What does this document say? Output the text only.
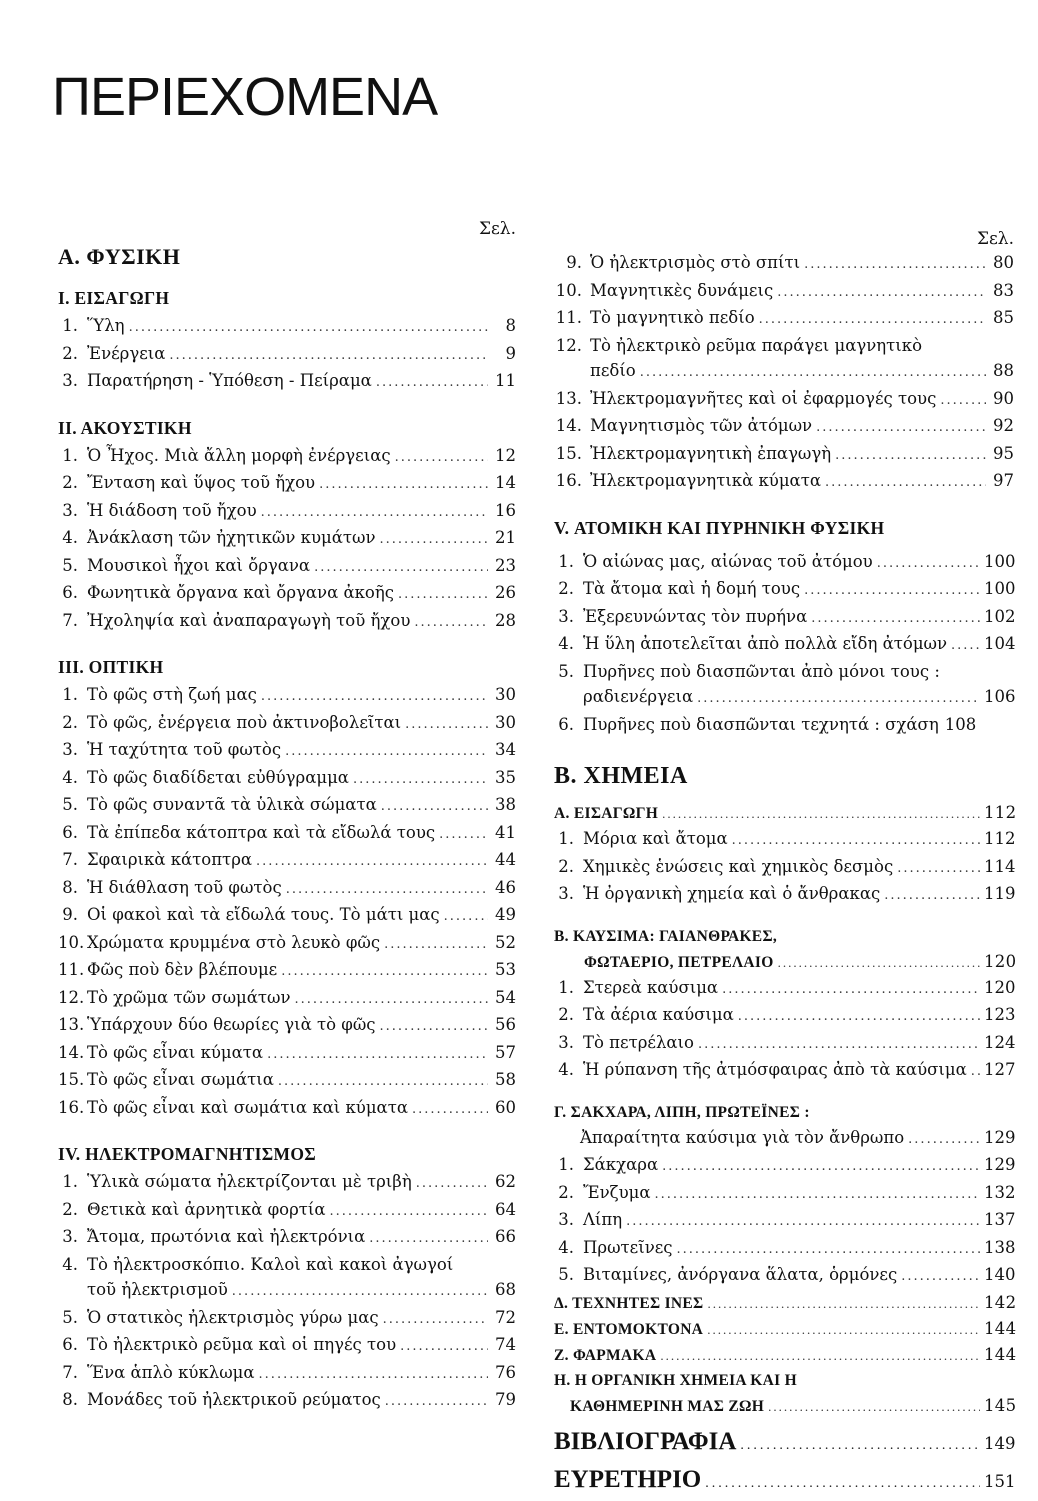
ΠΕΡΙΕΧΟΜΕΝΑ
Σελ.
Α. ΦΥΣΙΚΗ
Ι. ΕΙΣΑΓΩΓΗ
1. Ὕλη .....	8
2. Ἐνέργεια .....	9
3. Παρατήρηση - Ὑπόθεση - Πείραμα .....	11
ΙΙ. ΑΚΟΥΣΤΙΚΗ
1. Ὁ Ἦχος. Μιὰ ἄλλη μορφὴ ἐνέργειας .....	12
2. Ἔνταση καὶ ὕψος τοῦ ἤχου .....	14
3. Ἡ διάδοση τοῦ ἤχου .....	16
4. Ἀνάκλαση τῶν ἠχητικῶν κυμάτων .....	21
5. Μουσικοὶ ἦχοι καὶ ὄργανα .....	23
6. Φωνητικὰ ὄργανα καὶ ὄργανα ἀκοῆς .....	26
7. Ἠχοληψία καὶ ἀναπαραγωγὴ τοῦ ἤχου .....	28
ΙΙΙ. ΟΠΤΙΚΗ
1. Τὸ φῶς στὴ ζωή μας .....	30
2. Τὸ φῶς, ἐνέργεια ποὺ ἀκτινοβολεῖται .....	30
3. Ἡ ταχύτητα τοῦ φωτὸς .....	34
4. Τὸ φῶς διαδίδεται εὐθύγραμμα .....	35
5. Τὸ φῶς συναντᾶ τὰ ὑλικὰ σώματα .....	38
6. Τὰ ἐπίπεδα κάτοπτρα καὶ τὰ εἴδωλά τους .....	41
7. Σφαιρικὰ κάτοπτρα .....	44
8. Ἡ διάθλαση τοῦ φωτὸς .....	46
9. Οἱ φακοὶ καὶ τὰ εἴδωλά τους. Τὸ μάτι μας .....	49
10. Χρώματα κρυμμένα στὸ λευκὸ φῶς .....	52
11. Φῶς ποὺ δὲν βλέπουμε .....	53
12. Τὸ χρῶμα τῶν σωμάτων .....	54
13. Ὑπάρχουν δύο θεωρίες γιὰ τὸ φῶς .....	56
14. Τὸ φῶς εἶναι κύματα .....	57
15. Τὸ φῶς εἶναι σωμάτια .....	58
16. Τὸ φῶς εἶναι καὶ σωμάτια καὶ κύματα .....	60
ΙV. ΗΛΕΚΤΡΟΜΑΓΝΗΤΙΣΜΟΣ
1. Ὑλικὰ σώματα ἠλεκτρίζονται μὲ τριβὴ .....	62
2. Θετικὰ καὶ ἀρνητικὰ φορτία .....	64
3. Ἄτομα, πρωτόνια καὶ ἠλεκτρόνια .....	66
4. Τὸ ἠλεκτροσκόπιο. Καλοὶ καὶ κακοὶ ἀγωγοί
τοῦ ἠλεκτρισμοῦ .....	68
5. Ὁ στατικὸς ἠλεκτρισμὸς γύρω μας .....	72
6. Τὸ ἠλεκτρικὸ ρεῦμα καὶ οἱ πηγές του .....	74
7. Ἕνα ἁπλὸ κύκλωμα .....	76
8. Μονάδες τοῦ ἠλεκτρικοῦ ρεύματος .....	79
Σελ.
9. Ὁ ἠλεκτρισμὸς στὸ σπίτι .....	80
10. Μαγνητικὲς δυνάμεις .....	83
11. Τὸ μαγνητικὸ πεδίο .....	85
12. Τὸ ἠλεκτρικὸ ρεῦμα παράγει μαγνητικὸ
πεδίο .....	88
13. Ἠλεκτρομαγνῆτες καὶ οἱ ἐφαρμογές τους .....	90
14. Μαγνητισμὸς τῶν ἀτόμων .....	92
15. Ἠλεκτρομαγνητικὴ ἐπαγωγὴ .....	95
16. Ἠλεκτρομαγνητικὰ κύματα .....	97
V. ΑΤΟΜΙΚΗ ΚΑΙ ΠΥΡΗΝΙΚΗ ΦΥΣΙΚΗ
1. Ὁ αἰώνας μας, αἰώνας τοῦ ἀτόμου .....	100
2. Τὰ ἄτομα καὶ ἡ δομή τους .....	100
3. Ἐξερευνώντας τὸν πυρήνα .....	102
4. Ἡ ὕλη ἀποτελεῖται ἀπὸ πολλὰ εἴδη ἀτόμων ..... 104
5. Πυρῆνες ποὺ διασπῶνται ἀπὸ μόνοι τους :
ραδιενέργεια .....	106
6. Πυρῆνες ποὺ διασπῶνται τεχνητά : σχάση 108
Β. ΧΗΜΕΙΑ
Α. ΕΙΣΑΓΩΓΗ .....	112
1. Μόρια καὶ ἄτομα .....	112
2. Χημικὲς ἑνώσεις καὶ χημικὸς δεσμὸς .....	114
3. Ἡ ὀργανικὴ χημεία καὶ ὁ ἄνθρακας .....	119
Β. ΚΑΥΣΙΜΑ: ΓΑΙΑΝΘΡΑΚΕΣ,
ΦΩΤΑΕΡΙΟ, ΠΕΤΡΕΛΑΙΟ .....	120
1. Στερεὰ καύσιμα .....	120
2. Τὰ ἀέρια καύσιμα .....	123
3. Τὸ πετρέλαιο .....	124
4. Ἡ ρύπανση τῆς ἀτμόσφαιρας ἀπὸ τὰ καύσιμα ..... 127
Γ. ΣΑΚΧΑΡΑ, ΛΙΠΗ, ΠΡΩΤΕΪΝΕΣ :
Ἀπαραίτητα καύσιμα γιὰ τὸν ἄνθρωπο .....	129
1. Σάκχαρα .....	129
2. Ἔνζυμα .....	132
3. Λίπη .....	137
4. Πρωτεῖνες .....	138
5. Βιταμίνες, ἀνόργανα ἅλατα, ὁρμόνες .....	140
Δ. ΤΕΧΝΗΤΕΣ ΙΝΕΣ .....	142
Ε. ΕΝΤΟΜΟΚΤΟΝΑ .....	144
Ζ. ΦΑΡΜΑΚΑ .....	144
Η. Η ΟΡΓΑΝΙΚΗ ΧΗΜΕΙΑ ΚΑΙ Η
ΚΑΘΗΜΕΡΙΝΗ ΜΑΣ ΖΩΗ .....	145
ΒΙΒΛΙΟΓΡΑΦΙΑ .....	149
ΕΥΡΕΤΗΡΙΟ .....	151
